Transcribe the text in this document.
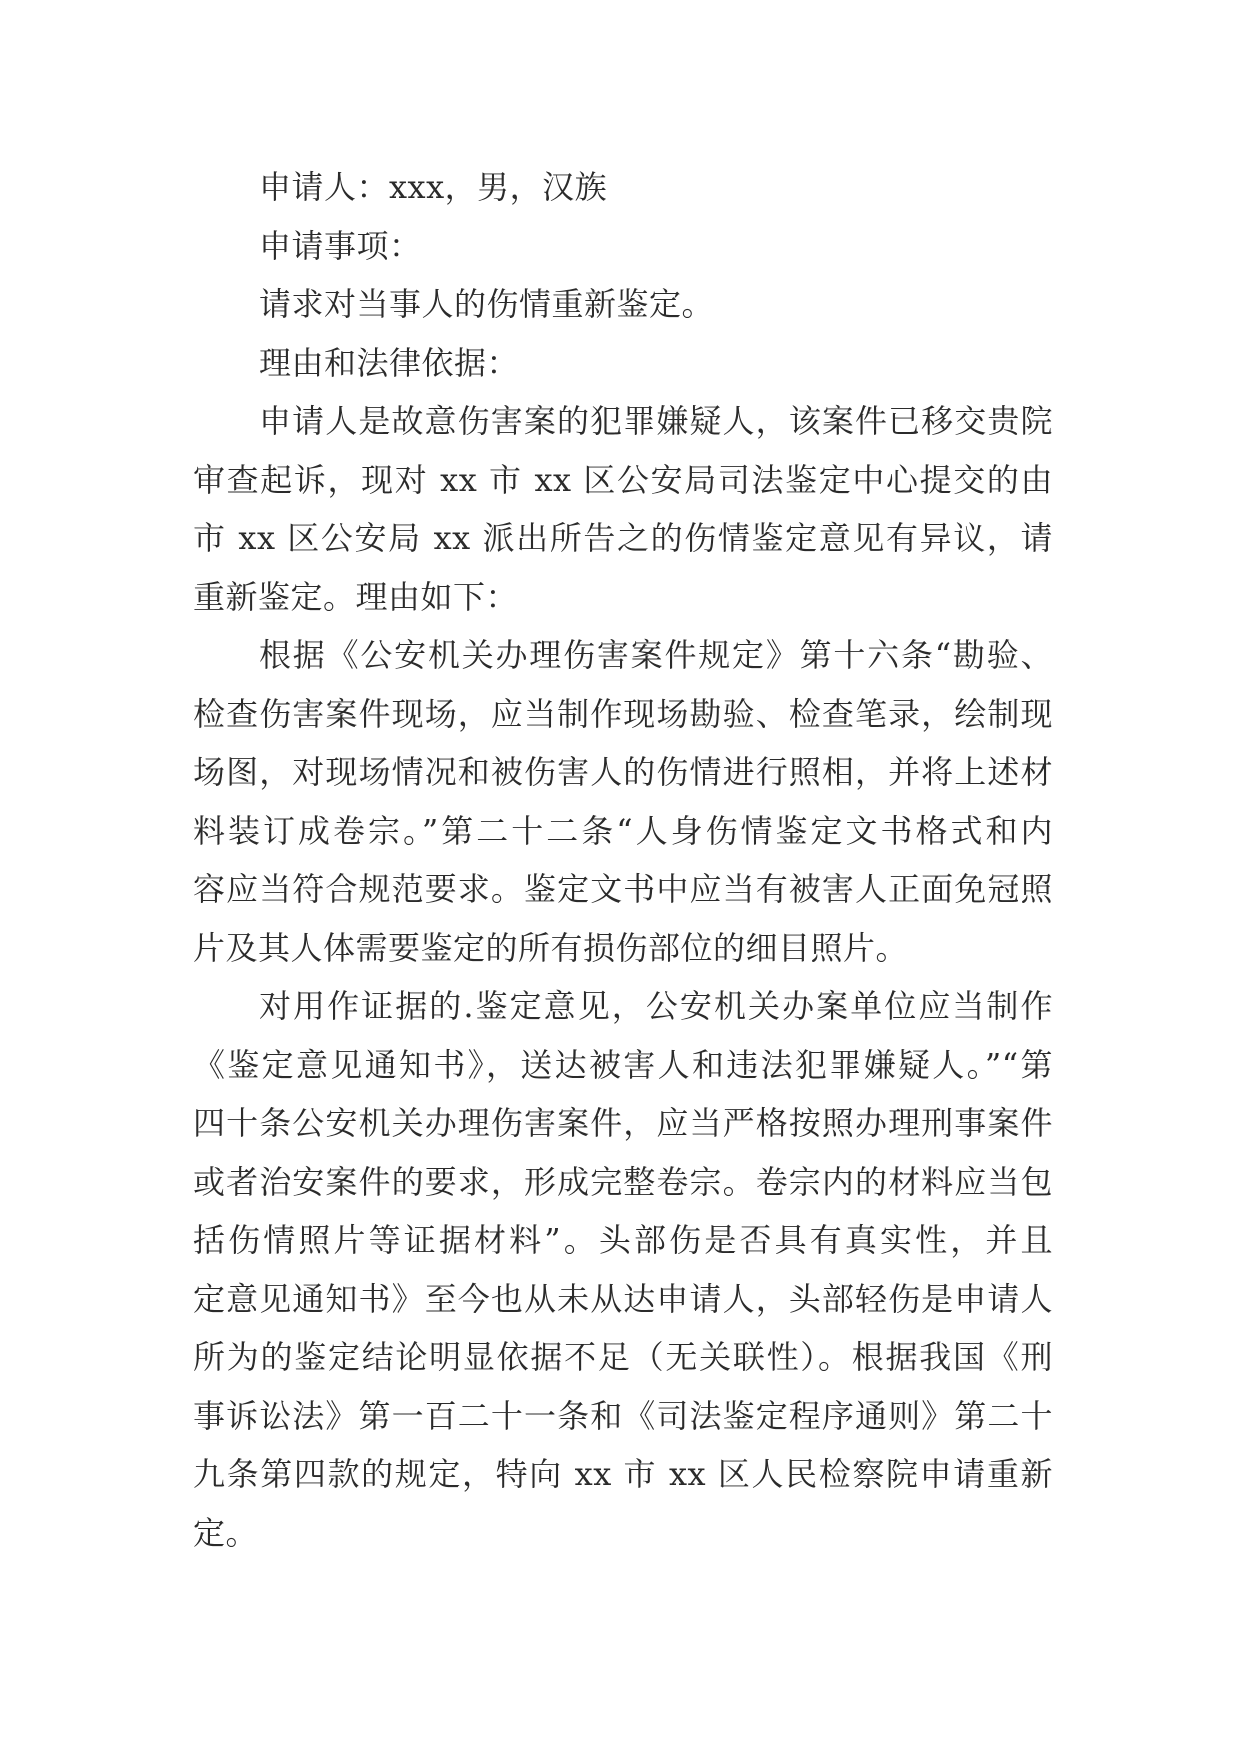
申请人：xxx，男，汉族
申请事项：
请求对当事人的伤情重新鉴定。
理由和法律依据：
申请人是故意伤害案的犯罪嫌疑人，该案件已移交贵院
审查起诉，现对 xx 市 xx 区公安局司法鉴定中心提交的由
市 xx 区公安局 xx 派出所告之的伤情鉴定意见有异议，请
重新鉴定。理由如下：
根据《公安机关办理伤害案件规定》第十六条“勘验、
检查伤害案件现场，应当制作现场勘验、检查笔录，绘制现
场图，对现场情况和被伤害人的伤情进行照相，并将上述材
料装订成卷宗。”第二十二条“人身伤情鉴定文书格式和内
容应当符合规范要求。鉴定文书中应当有被害人正面免冠照
片及其人体需要鉴定的所有损伤部位的细目照片。
对用作证据的.鉴定意见，公安机关办案单位应当制作
《鉴定意见通知书》，送达被害人和违法犯罪嫌疑人。”“第
四十条公安机关办理伤害案件，应当严格按照办理刑事案件
或者治安案件的要求，形成完整卷宗。卷宗内的材料应当包
括伤情照片等证据材料”。头部伤是否具有真实性，并且
定意见通知书》至今也从未从达申请人，头部轻伤是申请人
所为的鉴定结论明显依据不足（无关联性）。根据我国《刑
事诉讼法》第一百二十一条和《司法鉴定程序通则》第二十
九条第四款的规定，特向 xx 市 xx 区人民检察院申请重新
定。
